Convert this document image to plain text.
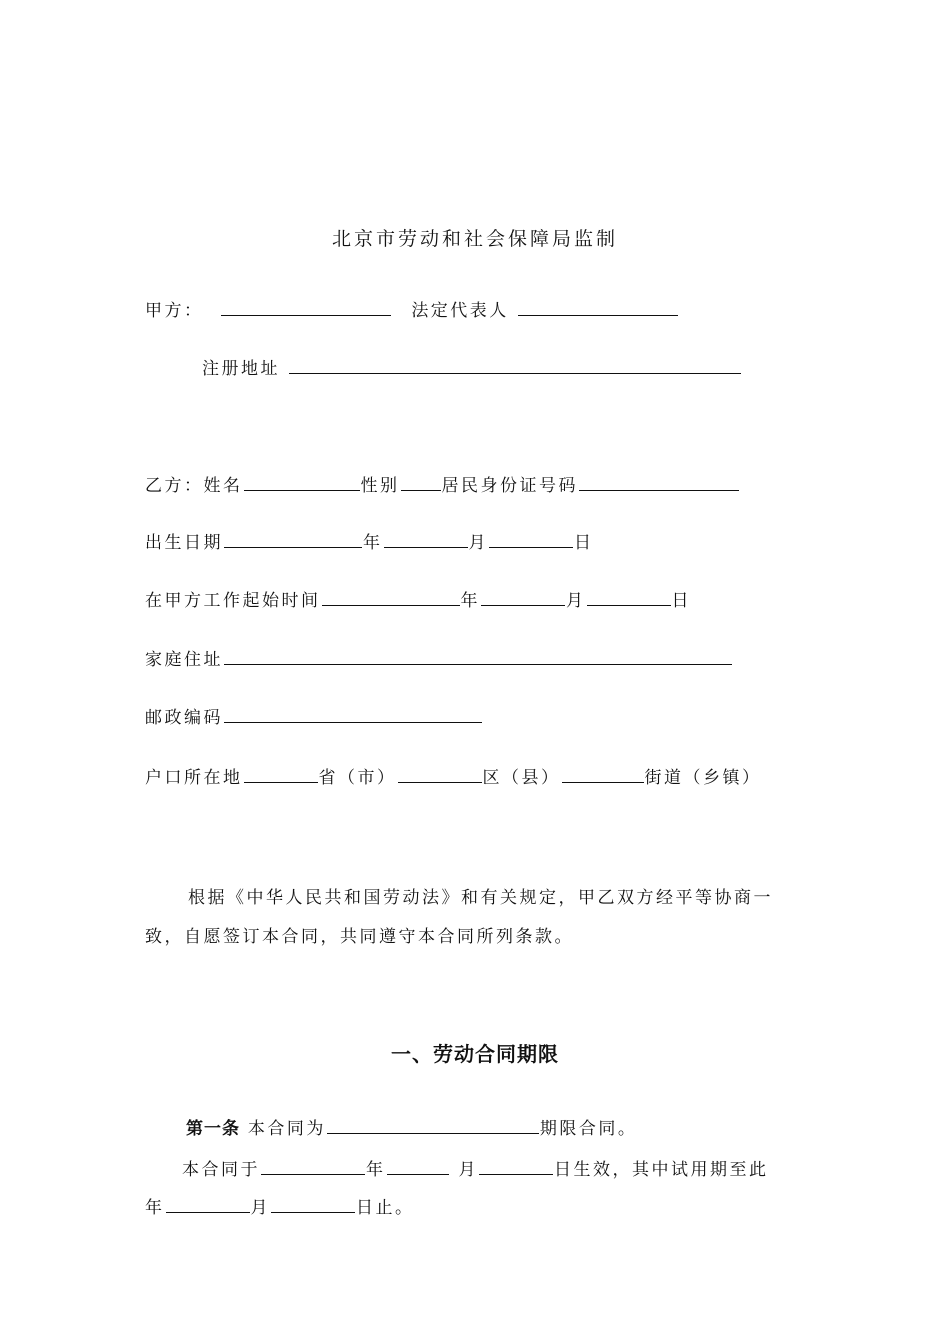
北京市劳动和社会保障局监制
甲方：	法定代表人
注册地址
乙方：姓名	性别 居民身份证号码
出生日期	年	月	日
在甲方工作起始时间	年	月	日
家庭住址
邮政编码
户口所在地	省（市）	区（县）	街道（乡镇）
根据《中华人民共和国劳动法》和有关规定，甲乙双方经平等协商一
致，自愿签订本合同，共同遵守本合同所列条款。
一、劳动合同期限
第一条 本合同为	期限合同。
本合同于	年	月	日生效，其中试用期至此
年	月	日止。
